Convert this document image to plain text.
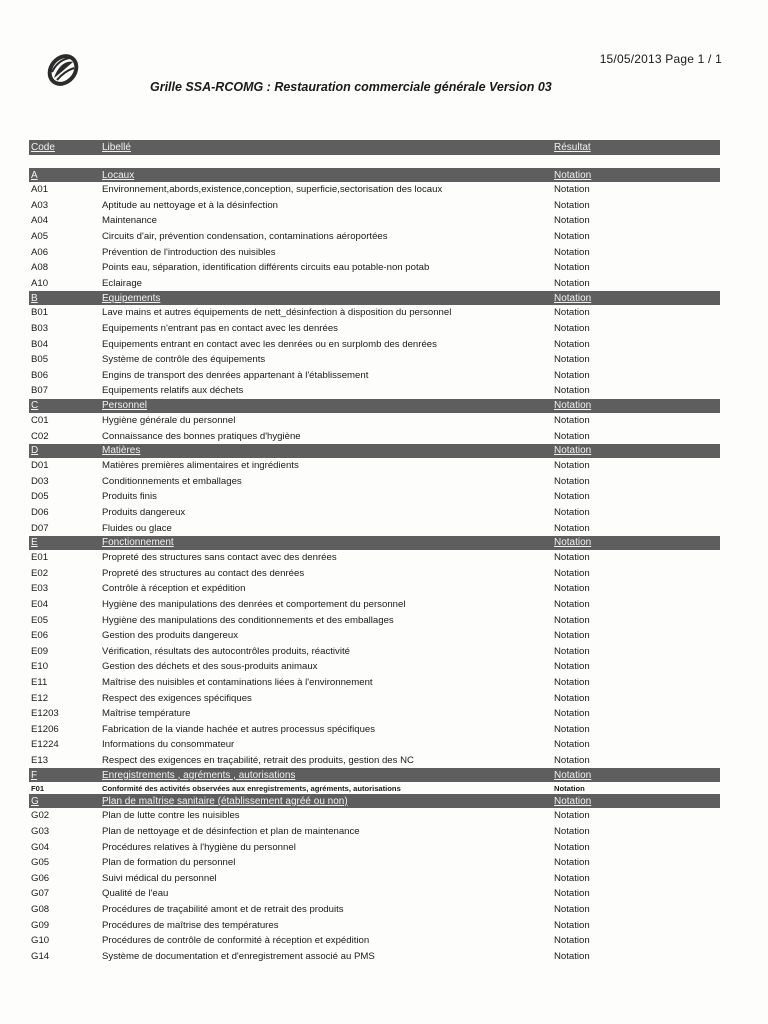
15/05/2013 Page 1 / 1
Grille SSA-RCOMG : Restauration commerciale générale Version 03
Code	Libellé	Résultat
A	Locaux	Notation
A01	Environnement,abords,existence,conception, superficie,sectorisation des locaux	Notation
A03	Aptitude au nettoyage et à la désinfection	Notation
A04	Maintenance	Notation
A05	Circuits d'air, prévention condensation, contaminations aéroportées	Notation
A06	Prévention de l'introduction des nuisibles	Notation
A08	Points eau, séparation, identification différents circuits eau potable-non potab	Notation
A10	Eclairage	Notation
B	Equipements	Notation
B01	Lave mains et autres équipements de nett_désinfection à disposition du personnel	Notation
B03	Equipements n'entrant pas en contact avec les denrées	Notation
B04	Equipements entrant en contact avec les denrées ou en surplomb des denrées	Notation
B05	Système de contrôle des équipements	Notation
B06	Engins de transport des denrées appartenant à l'établissement	Notation
B07	Equipements relatifs aux déchets	Notation
C	Personnel	Notation
C01	Hygiène générale du personnel	Notation
C02	Connaissance des bonnes pratiques d'hygiène	Notation
D	Matières	Notation
D01	Matières premières alimentaires et ingrédients	Notation
D03	Conditionnements et emballages	Notation
D05	Produits finis	Notation
D06	Produits dangereux	Notation
D07	Fluides ou glace	Notation
E	Fonctionnement	Notation
E01	Propreté des structures sans contact avec des denrées	Notation
E02	Propreté des structures au contact des denrées	Notation
E03	Contrôle à réception et expédition	Notation
E04	Hygiène des manipulations des denrées et comportement du personnel	Notation
E05	Hygiène des manipulations des conditionnements et des emballages	Notation
E06	Gestion des produits dangereux	Notation
E09	Vérification, résultats des autocontrôles produits, réactivité	Notation
E10	Gestion des déchets et des sous-produits animaux	Notation
E11	Maîtrise des nuisibles et contaminations liées à l'environnement	Notation
E12	Respect des exigences spécifiques	Notation
E1203	Maîtrise température	Notation
E1206	Fabrication de la viande hachée et autres processus spécifiques	Notation
E1224	Informations du consommateur	Notation
E13	Respect des exigences en traçabilité, retrait des produits, gestion des NC	Notation
F	Enregistrements , agréments , autorisations	Notation
F01	Conformité des activités observées aux enregistrements, agréments, autorisations	Notation
G	Plan de maîtrise sanitaire (établissement agréé ou non)	Notation
G02	Plan de lutte contre les nuisibles	Notation
G03	Plan de nettoyage et de désinfection et plan de maintenance	Notation
G04	Procédures relatives à l'hygiène du personnel	Notation
G05	Plan de formation du personnel	Notation
G06	Suivi médical du personnel	Notation
G07	Qualité de l'eau	Notation
G08	Procédures de traçabilité amont et de retrait des produits	Notation
G09	Procédures de maîtrise des températures	Notation
G10	Procédures de contrôle de conformité à réception et expédition	Notation
G14	Système de documentation et d'enregistrement associé au PMS	Notation
